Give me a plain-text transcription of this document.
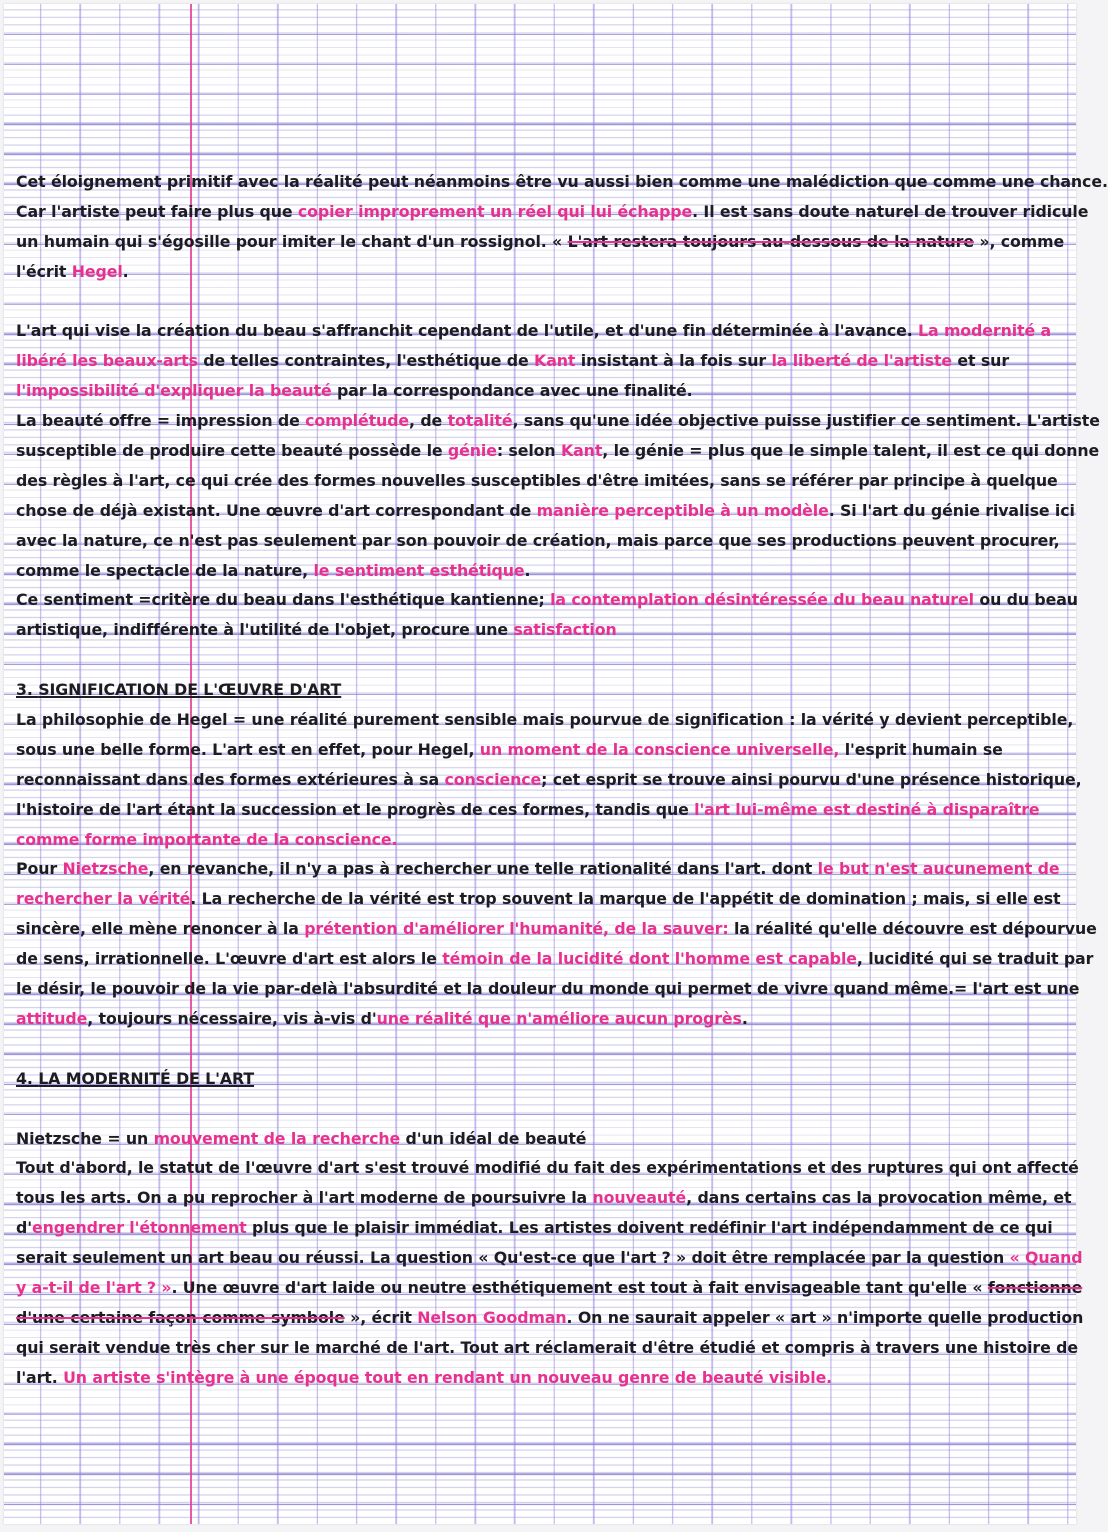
Cet éloignement primitif avec la réalité peut néanmoins être vu aussi bien comme une malédiction que comme une chance.
Car l'artiste peut faire plus que copier improprement un réel qui lui échappe. Il est sans doute naturel de trouver ridicule
un humain qui s'égosille pour imiter le chant d'un rossignol. « L'art restera toujours au-dessous de la nature », comme
l'écrit Hegel.
L'art qui vise la création du beau s'affranchit cependant de l'utile, et d'une fin déterminée à l'avance. La modernité a
libéré les beaux-arts de telles contraintes, l'esthétique de Kant insistant à la fois sur la liberté de l'artiste et sur
l'impossibilité d'expliquer la beauté par la correspondance avec une finalité.
La beauté offre = impression de complétude, de totalité, sans qu'une idée objective puisse justifier ce sentiment. L'artiste
susceptible de produire cette beauté possède le génie: selon Kant, le génie = plus que le simple talent, il est ce qui donne
des règles à l'art, ce qui crée des formes nouvelles susceptibles d'être imitées, sans se référer par principe à quelque
chose de déjà existant. Une œuvre d'art correspondant de manière perceptible à un modèle. Si l'art du génie rivalise ici
avec la nature, ce n'est pas seulement par son pouvoir de création, mais parce que ses productions peuvent procurer,
comme le spectacle de la nature, le sentiment esthétique.
Ce sentiment =critère du beau dans l'esthétique kantienne; la contemplation désintéressée du beau naturel ou du beau
artistique, indifférente à l'utilité de l'objet, procure une satisfaction
3. SIGNIFICATION DE L'ŒUVRE D'ART
La philosophie de Hegel = une réalité purement sensible mais pourvue de signification : la vérité y devient perceptible,
sous une belle forme. L'art est en effet, pour Hegel, un moment de la conscience universelle, l'esprit humain se
reconnaissant dans des formes extérieures à sa conscience; cet esprit se trouve ainsi pourvu d'une présence historique,
l'histoire de l'art étant la succession et le progrès de ces formes, tandis que l'art lui-même est destiné à disparaître
comme forme importante de la conscience.
Pour Nietzsche, en revanche, il n'y a pas à rechercher une telle rationalité dans l'art. dont le but n'est aucunement de
rechercher la vérité. La recherche de la vérité est trop souvent la marque de l'appétit de domination ; mais, si elle est
sincère, elle mène renoncer à la prétention d'améliorer l'humanité, de la sauver: la réalité qu'elle découvre est dépourvue
de sens, irrationnelle. L'œuvre d'art est alors le témoin de la lucidité dont l'homme est capable, lucidité qui se traduit par
le désir, le pouvoir de la vie par-delà l'absurdité et la douleur du monde qui permet de vivre quand même.= l'art est une
attitude, toujours nécessaire, vis à-vis d'une réalité que n'améliore aucun progrès.
4. LA MODERNITÉ DE L'ART
Nietzsche = un mouvement de la recherche d'un idéal de beauté
Tout d'abord, le statut de l'œuvre d'art s'est trouvé modifié du fait des expérimentations et des ruptures qui ont affecté
tous les arts. On a pu reprocher à l'art moderne de poursuivre la nouveauté, dans certains cas la provocation même, et
d'engendrer l'étonnement plus que le plaisir immédiat. Les artistes doivent redéfinir l'art indépendamment de ce qui
serait seulement un art beau ou réussi. La question « Qu'est-ce que l'art ? » doit être remplacée par la question « Quand
y a-t-il de l'art ? ». Une œuvre d'art laide ou neutre esthétiquement est tout à fait envisageable tant qu'elle « fonctionne
d'une certaine façon comme symbole », écrit Nelson Goodman. On ne saurait appeler « art » n'importe quelle production
qui serait vendue très cher sur le marché de l'art. Tout art réclamerait d'être étudié et compris à travers une histoire de
l'art. Un artiste s'intègre à une époque tout en rendant un nouveau genre de beauté visible.
